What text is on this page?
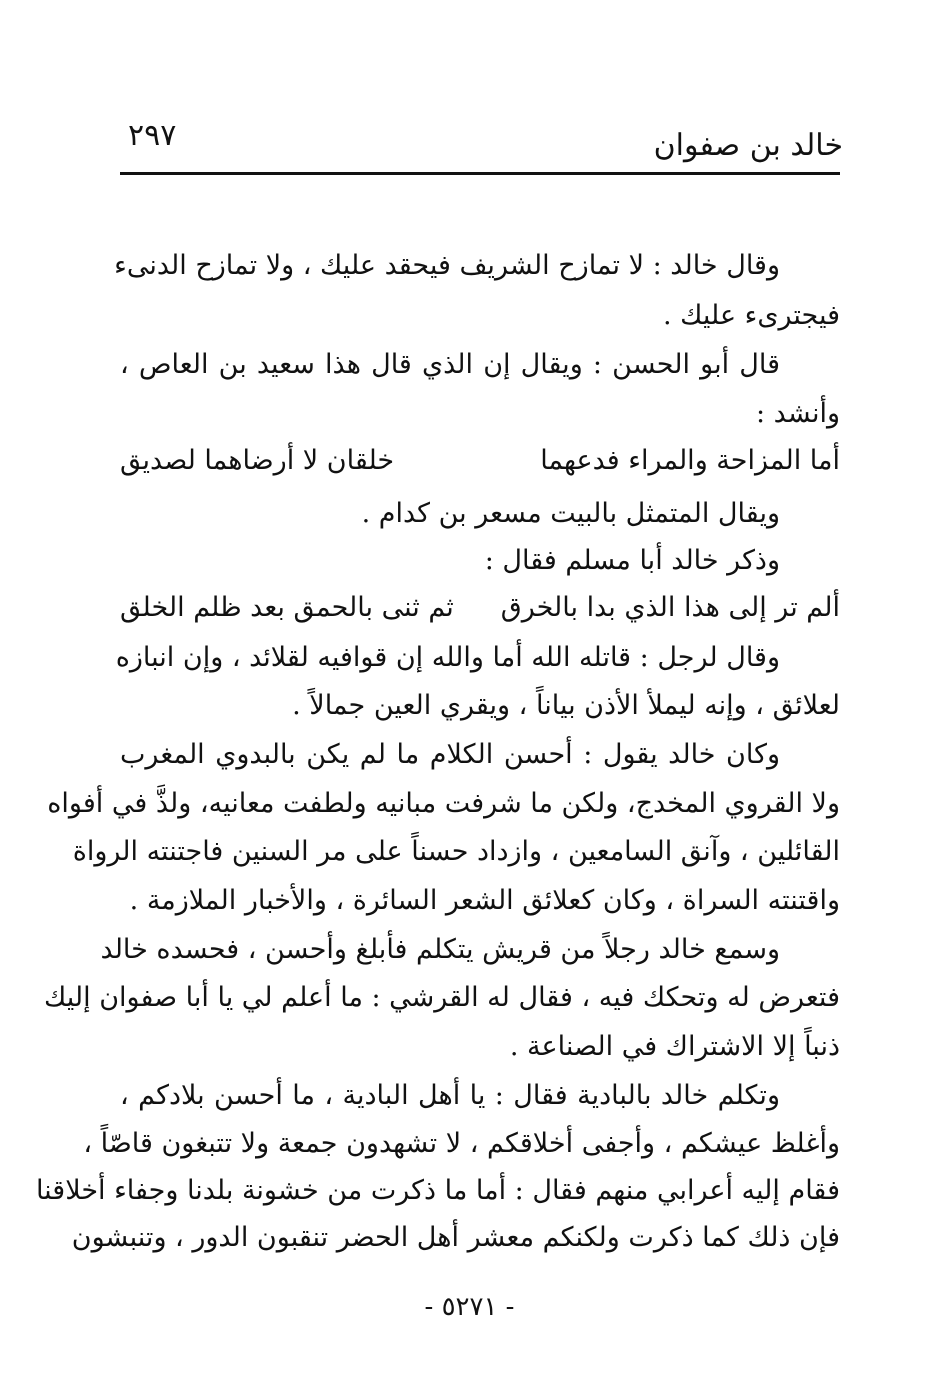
خالد بن صفوان
٢٩٧
وقال خالد : لا تمازح الشريف فيحقد عليك ، ولا تمازح الدنىء
فيجترىء عليك .
قال أبو الحسن : ويقال إن الذي قال هذا سعيد بن العاص ،
وأنشد :
أما المزاحة والمراء فدعهما
خلقان لا أرضاهما لصديق
ويقال المتمثل بالبيت مسعر بن كدام .
وذكر خالد أبا مسلم فقال :
ألم تر إلى هذا الذي بدا بالخرق
ثم ثنى بالحمق بعد ظلم الخلق
وقال لرجل : قاتله الله أما والله إن قوافيه لقلائد ، وإن انبازه
لعلائق ، وإنه ليملأ الأذن بياناً ، ويقري العين جمالاً .
وكان خالد يقول : أحسن الكلام ما لم يكن بالبدوي المغرب
ولا القروي المخدج، ولكن ما شرفت مبانيه ولطفت معانيه، ولذَّ في أفواه
القائلين ، وآنق السامعين ، وازداد حسناً على مر السنين فاجتنته الرواة
واقتنته السراة ، وكان كعلائق الشعر السائرة ، والأخبار الملازمة .
وسمع خالد رجلاً من قريش يتكلم فأبلغ وأحسن ، فحسده خالد
فتعرض له وتحكك فيه ، فقال له القرشي : ما أعلم لي يا أبا صفوان إليك
ذنباً إلا الاشتراك في الصناعة .
وتكلم خالد بالبادية فقال : يا أهل البادية ، ما أحسن بلادكم ،
وأغلظ عيشكم ، وأجفى أخلاقكم ، لا تشهدون جمعة ولا تتبغون قاصّاً ،
فقام إليه أعرابي منهم فقال : أما ما ذكرت من خشونة بلدنا وجفاء أخلاقنا
فإن ذلك كما ذكرت ولكنكم معشر أهل الحضر تنقبون الدور ، وتنبشون
- ٥٢٧١ -
